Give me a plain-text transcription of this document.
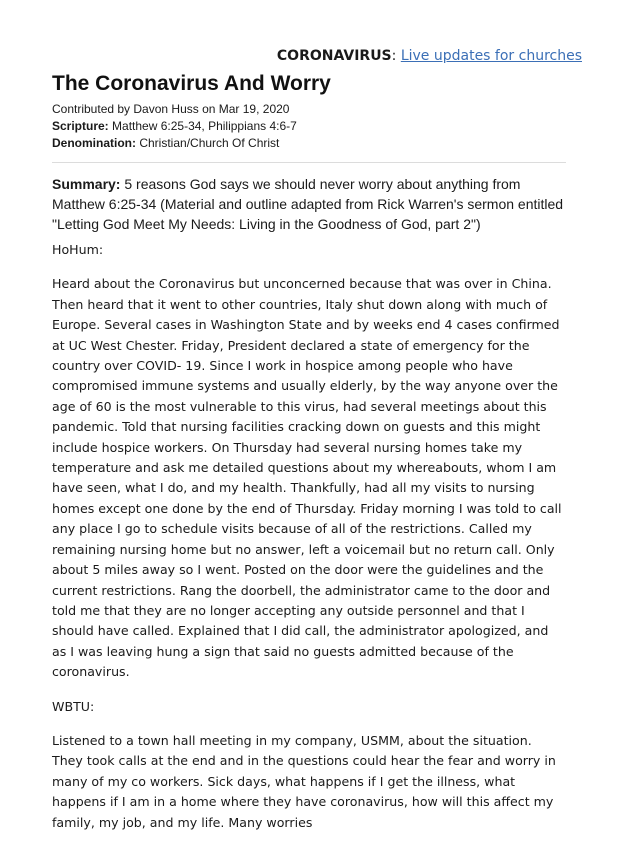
CORONAVIRUS: Live updates for churches
The Coronavirus And Worry

Contributed by Davon Huss on Mar 19, 2020

Scripture: Matthew 6:25-34, Philippians 4:6-7

Denomination: Christian/Church Of Christ

Summary: 5 reasons God says we should never worry about anything from Matthew 6:25-34 (Material and outline adapted from Rick Warren's sermon entitled "Letting God Meet My Needs: Living in the Goodness of God, part 2")

HoHum:

Heard about the Coronavirus but unconcerned because that was over in China. Then heard that it went to other countries, Italy shut down along with much of Europe. Several cases in Washington State and by weeks end 4 cases confirmed at UC West Chester. Friday, President declared a state of emergency for the country over COVID- 19. Since I work in hospice among people who have compromised immune systems and usually elderly, by the way anyone over the age of 60 is the most vulnerable to this virus, had several meetings about this pandemic. Told that nursing facilities cracking down on guests and this might include hospice workers. On Thursday had several nursing homes take my temperature and ask me detailed questions about my whereabouts, whom I am have seen, what I do, and my health. Thankfully, had all my visits to nursing homes except one done by the end of Thursday. Friday morning I was told to call any place I go to schedule visits because of all of the restrictions. Called my remaining nursing home but no answer, left a voicemail but no return call. Only about 5 miles away so I went. Posted on the door were the guidelines and the current restrictions. Rang the doorbell, the administrator came to the door and told me that they are no longer accepting any outside personnel and that I should have called. Explained that I did call, the administrator apologized, and as I was leaving hung a sign that said no guests admitted because of the coronavirus.

WBTU:

Listened to a town hall meeting in my company, USMM, about the situation. They took calls at the end and in the questions could hear the fear and worry in many of my co workers. Sick days, what happens if I get the illness, what happens if I am in a home where they have coronavirus, how will this affect my family, my job, and my life. Many worries
